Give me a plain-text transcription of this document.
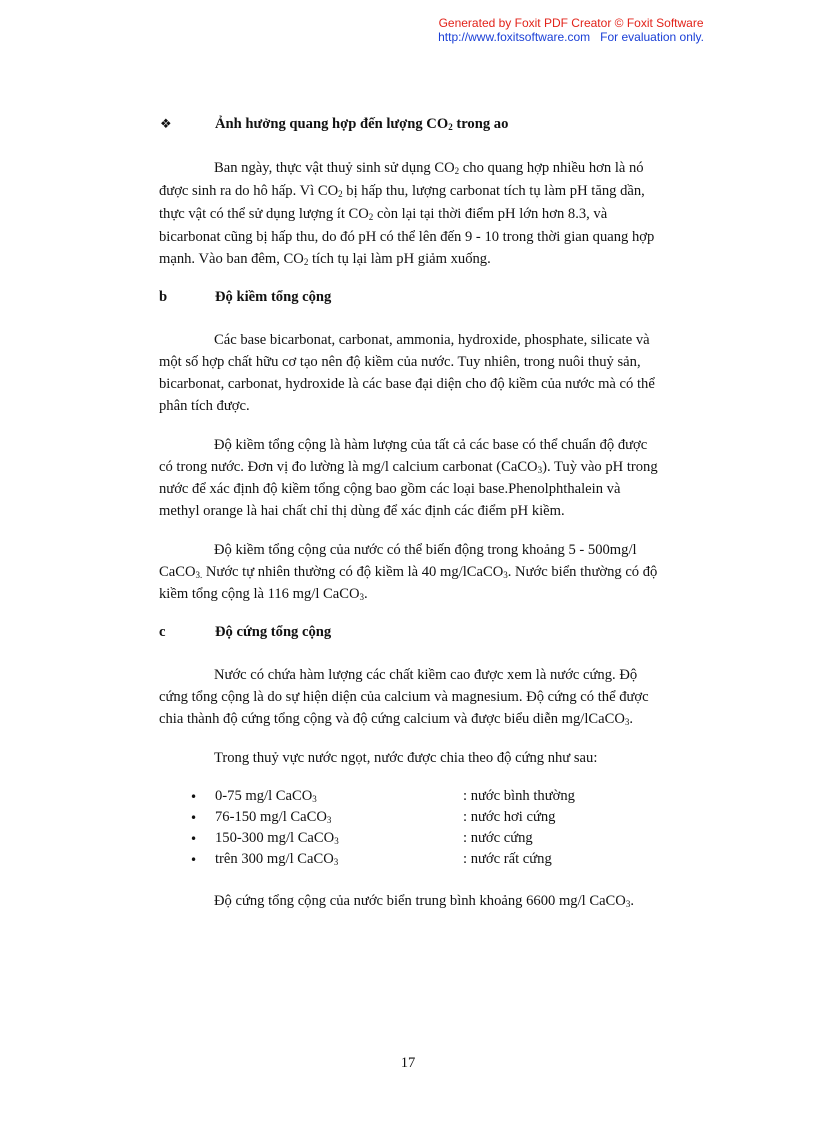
Generated by Foxit PDF Creator © Foxit Software
http://www.foxitsoftware.com   For evaluation only.
❖	Ảnh hưởng quang hợp đến lượng $CO_2$ trong ao
Ban ngày, thực vật thuỷ sinh sử dụng $CO_2$ cho quang hợp nhiều hơn là nó
được sinh ra do hô hấp. Vì $CO_2$ bị hấp thu, lượng carbonat tích tụ làm pH tăng dần,
thực vật có thể sử dụng lượng ít $CO_2$ còn lại tại thời điểm pH lớn hơn 8.3, và
bicarbonat cũng bị hấp thu, do đó pH có thể lên đến 9 - 10 trong thời gian quang hợp
mạnh. Vào ban đêm, $CO_2$ tích tụ lại làm pH giảm xuống.
b	Độ kiềm tổng cộng
Các base bicarbonat, carbonat, ammonia, hydroxide, phosphate, silicate và
một số hợp chất hữu cơ tạo nên độ kiềm của nước. Tuy nhiên, trong nuôi thuỷ sản,
bicarbonat, carbonat, hydroxide là các base đại diện cho độ kiềm của nước mà có thể
phân tích được.
Độ kiềm tổng cộng là hàm lượng của tất cả các base có thể chuẩn độ được
có trong nước. Đơn vị đo lường là mg/l calcium carbonat (CaCO$_3$). Tuỳ vào pH trong
nước để xác định độ kiềm tổng cộng bao gồm các loại base.Phenolphthalein và
methyl orange là hai chất chỉ thị dùng để xác định các điểm pH kiềm.
Độ kiềm tổng cộng của nước có thể biến động trong khoảng 5 - 500mg/l
CaCO$_{3.}$ Nước tự nhiên thường có độ kiềm là 40 mg/lCaCO$_3$. Nước biển thường có độ
kiềm tổng cộng là 116 mg/l CaCO$_3$.
c	Độ cứng tổng cộng
Nước có chứa hàm lượng các chất kiềm cao được xem là nước cứng. Độ
cứng tổng cộng là do sự hiện diện của calcium và magnesium. Độ cứng có thể được
chia thành độ cứng tổng cộng và độ cứng calcium và được biểu diễn mg/lCaCO$_3$.
Trong thuỷ vực nước ngọt, nước được chia theo độ cứng như sau:
• 0-75 mg/l CaCO$_3$	: nước bình thường
• 76-150 mg/l CaCO$_3$	: nước hơi cứng
• 150-300 mg/l CaCO$_3$	: nước cứng
• trên 300 mg/l CaCO$_3$	: nước rất cứng
Độ cứng tổng cộng của nước biển trung bình khoảng 6600 mg/l CaCO$_3$.
17
